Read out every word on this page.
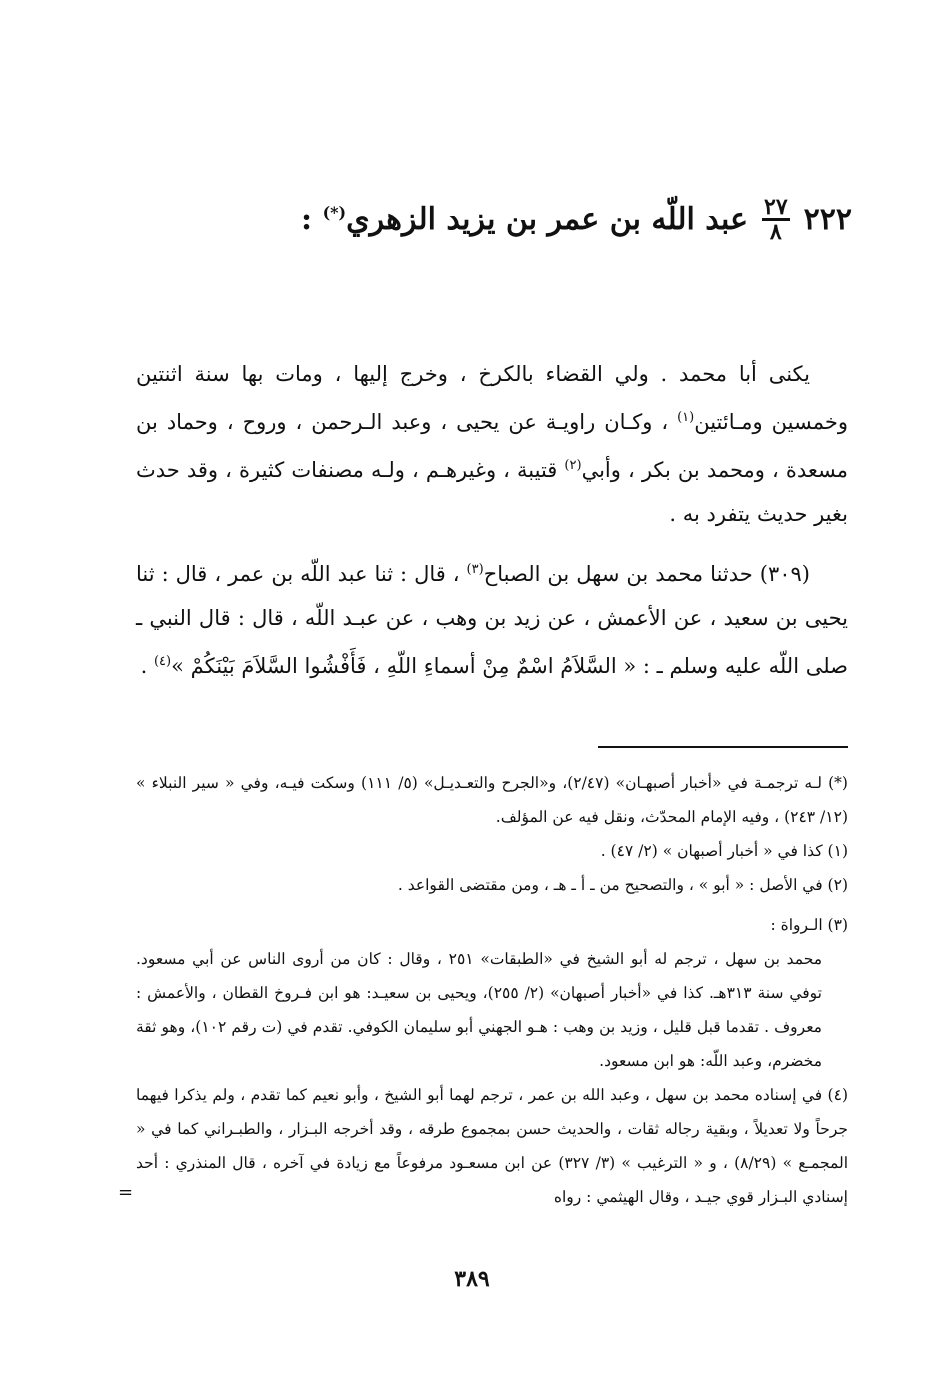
٢٢٢
$\frac{٢٧}{٨}$
عبد اللّه بن عمر بن يزيد الزهري(*) :

يكنى أبا محمد . ولي القضاء بالكرخ ، وخرج إليها ، ومات بها سنة اثنتين وخمسين ومـائتين$^{(١)}$ ، وكـان راويـة عن يحيى ، وعبد الـرحمن ، وروح ، وحماد بن مسعدة ، ومحمد بن بكر ، وأبي$^{(٢)}$ قتيبة ، وغيرهـم ، ولـه مصنفات كثيرة ، وقد حدث بغير حديث يتفرد به .

(٣٠٩) حدثنا محمد بن سهل بن الصباح$^{(٣)}$ ، قال : ثنا عبد اللّه بن عمر ، قال : ثنا يحيى بن سعيد ، عن الأعمش ، عن زيد بن وهب ، عن عبـد اللّه ، قال : قال النبي ـ صلى اللّه عليه وسلم ـ : « السَّلاَمُ اسْمٌ مِنْ أسماءِ اللّهِ ، فَأَفْشُوا السَّلاَمَ بَيْنَكُمْ »$^{(٤)}$ .

(*) لـه ترجمـة في «أخبار أصبهـان» (٢/٤٧)، و«الجرح والتعـديـل» (٥/ ١١١) وسكت فيـه، وفي « سير النبلاء » (١٢/ ٢٤٣) ، وفيه الإمام المحدّث، ونقل فيه عن المؤلف.

(١) كذا في « أخبار أصبهان » (٢/ ٤٧) .

(٢) في الأصل : « أبو » ، والتصحيح من ـ أ ـ هـ ، ومن مقتضى القواعد .

(٣) الـرواة :

محمد بن سهل ، ترجم له أبو الشيخ في «الطبقات» ٢٥١ ، وقال : كان من أروى الناس عن أبي مسعود. توفي سنة ٣١٣هـ. كذا في «أخبار أصبهان» (٢/ ٢٥٥)، ويحيى بن سعيـد: هو ابن فـروخ القطان ، والأعمش : معروف . تقدما قبل قليل ، وزيد بن وهب : هـو الجهني أبو سليمان الكوفي. تقدم في (ت رقم ١٠٢)، وهو ثقة مخضرم، وعبد اللّه: هو ابن مسعود.

(٤) في إسناده محمد بن سهل ، وعبد الله بن عمر ، ترجم لهما أبو الشيخ ، وأبو نعيم كما تقدم ، ولم يذكرا فيهما جرحاً ولا تعديلاً ، وبقية رجاله ثقات ، والحديث حسن بمجموع طرقه ، وقد أخرجه البـزار ، والطبـراني كما في « المجمـع » (٨/٢٩) ، و « الترغيب » (٣/ ٣٢٧) عن ابن مسعـود مرفوعاً مع زيادة في آخره ، قال المنذري : أحد إسنادي البـزار قوي جيـد ، وقال الهيثمي : رواه

=
٣٨٩
